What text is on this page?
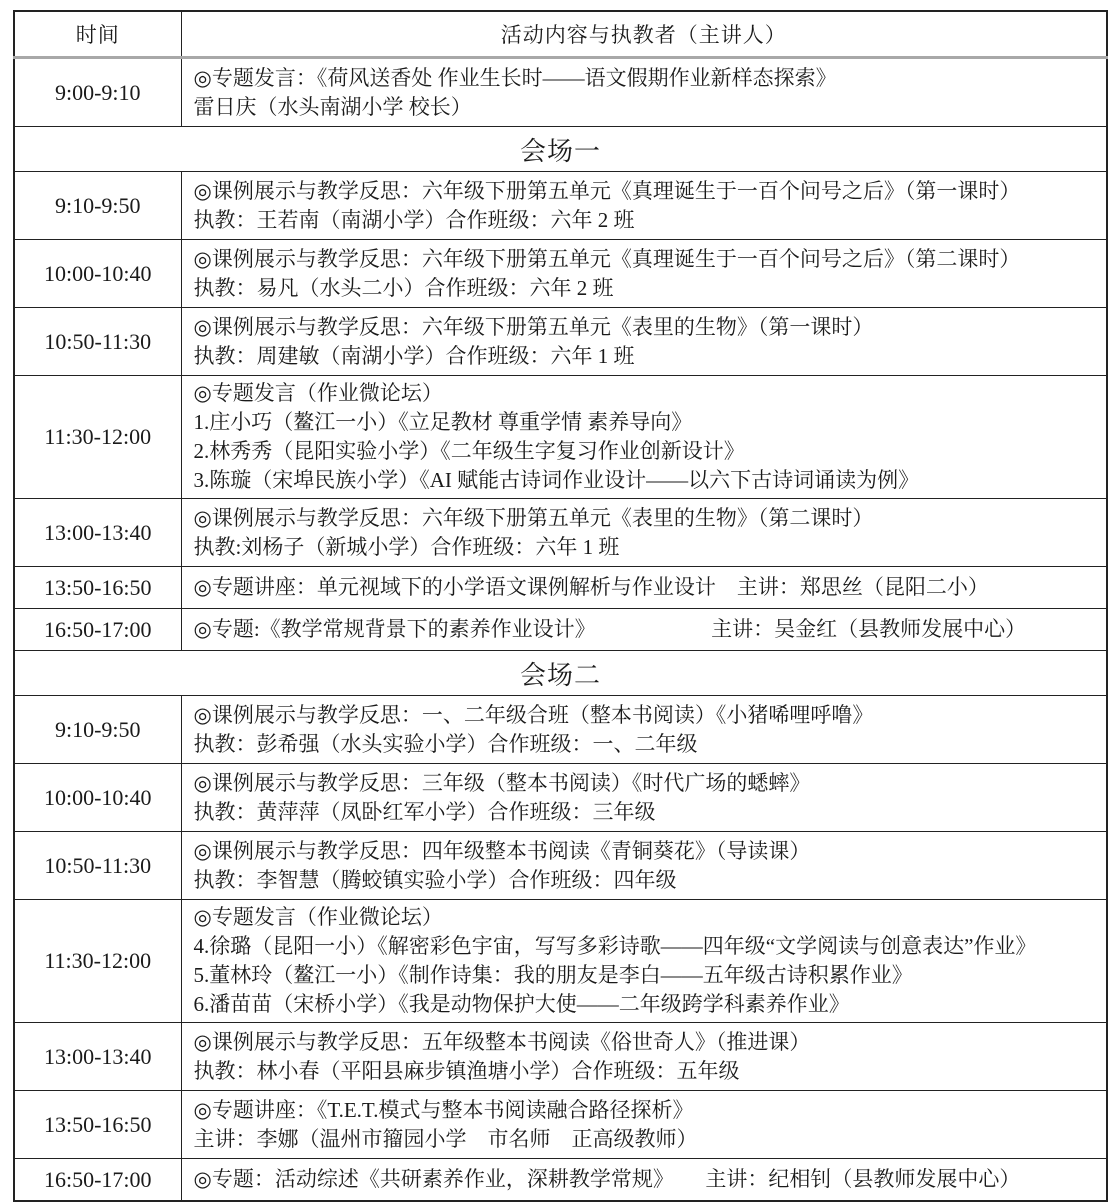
时间	活动内容与执教者（主讲人）
9:00-9:10	◎专题发言：《荷风送香处 作业生长时——语文假期作业新样态探索》
雷日庆（水头南湖小学 校长）

会场一	
9:10-9:50	◎课例展示与教学反思：六年级下册第五单元《真理诞生于一百个问号之后》（第一课时）
执教：王若南（南湖小学）合作班级：六年 2 班

10:00-10:40	◎课例展示与教学反思：六年级下册第五单元《真理诞生于一百个问号之后》（第二课时）
执教：易凡（水头二小）合作班级：六年 2 班

10:50-11:30	◎课例展示与教学反思：六年级下册第五单元《表里的生物》（第一课时）
执教：周建敏（南湖小学）合作班级：六年 1 班

11:30-12:00	◎专题发言（作业微论坛）
1.庄小巧（鳌江一小）《立足教材 尊重学情 素养导向》
2.林秀秀（昆阳实验小学）《二年级生字复习作业创新设计》
3.陈璇（宋埠民族小学）《AI 赋能古诗词作业设计——以六下古诗词诵读为例》

13:00-13:40	◎课例展示与教学反思：六年级下册第五单元《表里的生物》（第二课时）
执教:刘杨子（新城小学）合作班级：六年 1 班

13:50-16:50	◎专题讲座：单元视域下的小学语文课例解析与作业设计　主讲：郑思丝（昆阳二小）

16:50-17:00	◎专题:《教学常规背景下的素养作业设计》　　　　　　主讲：吴金红（县教师发展中心）

会场二	
9:10-9:50	◎课例展示与教学反思：一、二年级合班（整本书阅读）《小猪唏哩呼噜》
执教：彭希强（水头实验小学）合作班级：一、二年级

10:00-10:40	◎课例展示与教学反思：三年级（整本书阅读）《时代广场的蟋蟀》
执教：黄萍萍（凤卧红军小学）合作班级：三年级

10:50-11:30	◎课例展示与教学反思：四年级整本书阅读《青铜葵花》（导读课）
执教：李智慧（腾蛟镇实验小学）合作班级：四年级

11:30-12:00	◎专题发言（作业微论坛）
4.徐璐（昆阳一小）《解密彩色宇宙，写写多彩诗歌——四年级“文学阅读与创意表达”作业》
5.董林玲（鳌江一小）《制作诗集：我的朋友是李白——五年级古诗积累作业》
6.潘苗苗（宋桥小学）《我是动物保护大使——二年级跨学科素养作业》

13:00-13:40	◎课例展示与教学反思：五年级整本书阅读《俗世奇人》（推进课）
执教：林小春（平阳县麻步镇渔塘小学）合作班级：五年级

13:50-16:50	◎专题讲座：《T.E.T.模式与整本书阅读融合路径探析》
主讲：李娜（温州市籀园小学　市名师　正高级教师）

16:50-17:00	◎专题：活动综述《共研素养作业，深耕教学常规》　　主讲：纪相钊（县教师发展中心）
